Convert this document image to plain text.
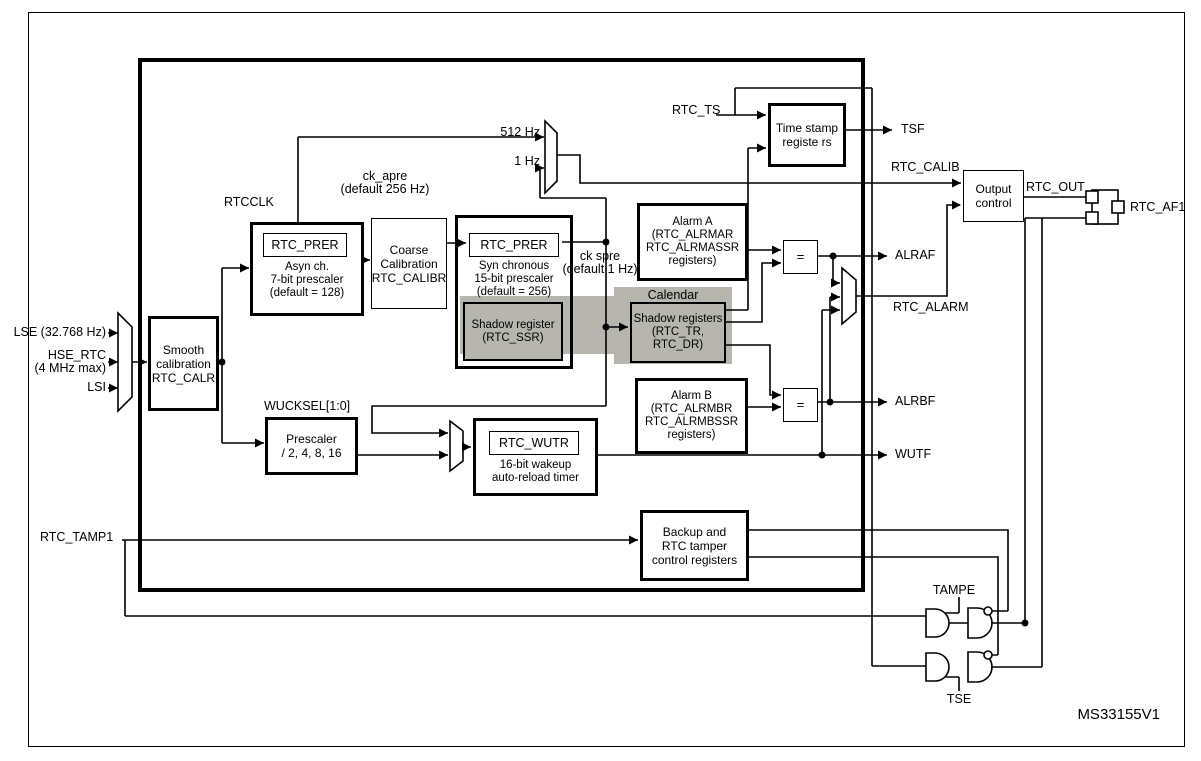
Smooth
calibration
RTC_CALR
RTC_PRER
Asyn ch.
7-bit prescaler
(default = 128)
Coarse
Calibration
RTC_CALIBR
RTC_PRER
Syn chronous
15-bit prescaler
(default = 256)
Shadow register
(RTC_SSR)
Calendar
Shadow registers
(RTC_TR,
RTC_DR)
Alarm A
(RTC_ALRMAR
RTC_ALRMASSR
registers)	=
Alarm B
(RTC_ALRMBR
RTC_ALRMBSSR
registers)
=
Time stamp
registe rs
Output
control
Prescaler
/ 2, 4, 8, 16
RTC_WUTR
16-bit wakeup
auto-reload timer
Backup and
RTC tamper
control registers
LSE (32.768 Hz)
HSE_RTC
(4 MHz max)
LSI
RTCCLK
ck_apre
(default 256 Hz)
512 Hz
1 Hz
ck spre
(default 1 Hz)
WUCKSEL[1:0]
RTC_TS
TSF
RTC_CALIB
RTC_OUT
RTC_AF1
ALRAF
RTC_ALARM
ALRBF
WUTF
TAMPE
TSE
RTC_TAMP1
MS33155V1
